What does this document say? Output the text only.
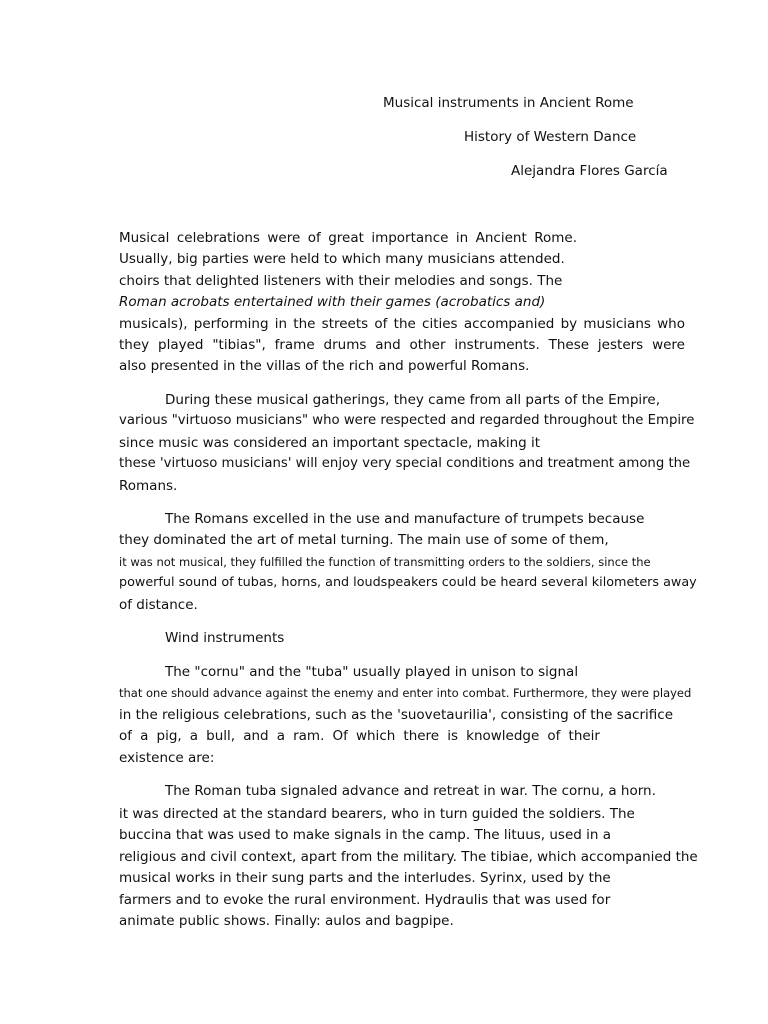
Musical instruments in Ancient Rome
History of Western Dance
Alejandra Flores García
Musical celebrations were of great importance in Ancient Rome.
Usually, big parties were held to which many musicians attended.
choirs that delighted listeners with their melodies and songs. The
Roman acrobats entertained with their games (acrobatics and)
musicals), performing in the streets of the cities accompanied by musicians who
they played "tibias", frame drums and other instruments. These jesters were
also presented in the villas of the rich and powerful Romans.
During these musical gatherings, they came from all parts of the Empire,
various "virtuoso musicians" who were respected and regarded throughout the Empire
since music was considered an important spectacle, making it
these 'virtuoso musicians' will enjoy very special conditions and treatment among the
Romans.
The Romans excelled in the use and manufacture of trumpets because
they dominated the art of metal turning. The main use of some of them,
it was not musical, they fulfilled the function of transmitting orders to the soldiers, since the
powerful sound of tubas, horns, and loudspeakers could be heard several kilometers away
of distance.
Wind instruments
The "cornu" and the "tuba" usually played in unison to signal
that one should advance against the enemy and enter into combat. Furthermore, they were played
in the religious celebrations, such as the 'suovetaurilia', consisting of the sacrifice
of a pig, a bull, and a ram. Of which there is knowledge of their
existence are:
The Roman tuba signaled advance and retreat in war. The cornu, a horn.
it was directed at the standard bearers, who in turn guided the soldiers. The
buccina that was used to make signals in the camp. The lituus, used in a
religious and civil context, apart from the military. The tibiae, which accompanied the
musical works in their sung parts and the interludes. Syrinx, used by the
farmers and to evoke the rural environment. Hydraulis that was used for
animate public shows. Finally: aulos and bagpipe.
